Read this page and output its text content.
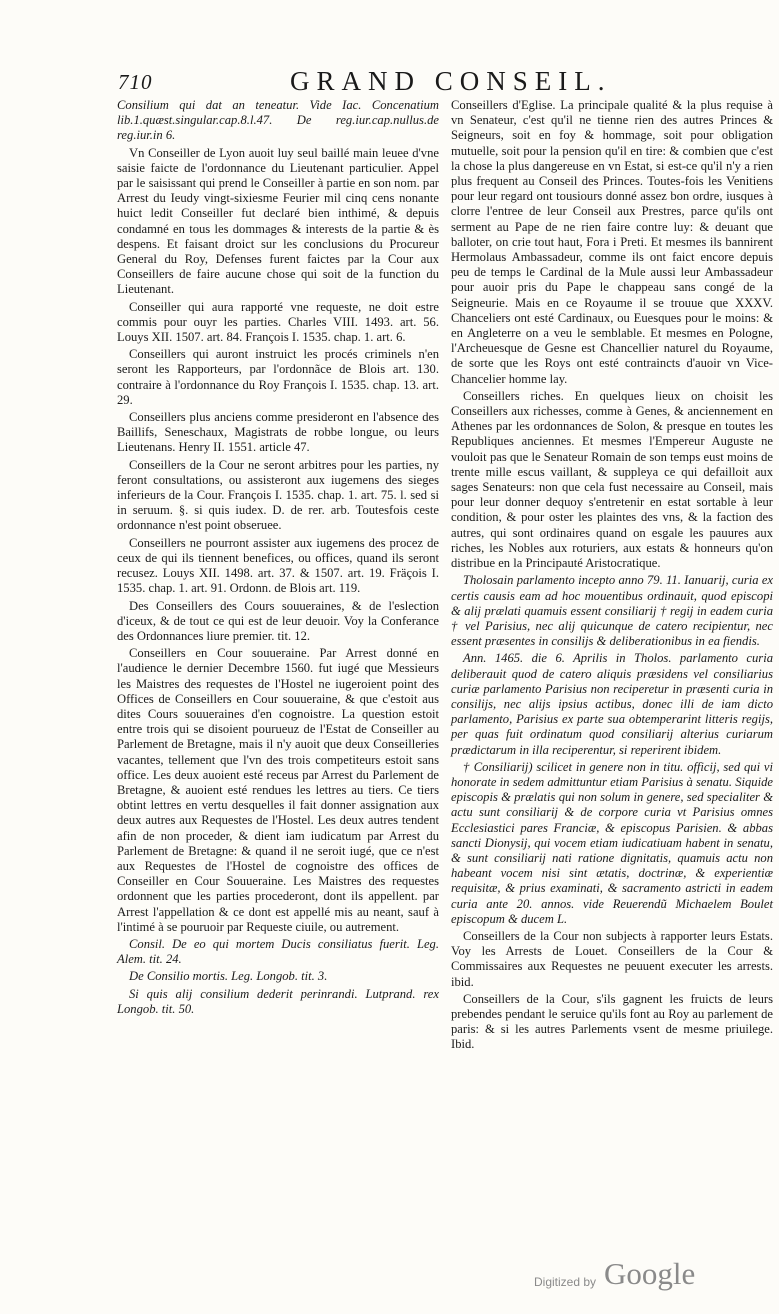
710	GRAND CONSEIL.

Consilium qui dat an teneatur. Vide Iac. Concenatium lib.1.quæst.singular.cap.8.l.47. De reg.iur.cap.nullus.de reg.iur.in 6.

Vn Conseiller de Lyon auoit luy seul baillé main leuee d'vne saisie faicte de l'ordonnance du Lieutenant particulier. Appel par le saisissant qui prend le Conseiller à partie en son nom. par Arrest du Ieudy vingt-sixiesme Feurier mil cinq cens nonante huict ledit Conseiller fut declaré bien inthimé, & depuis condamné en tous les dommages & interests de la partie & ès despens. Et faisant droict sur les conclusions du Procureur General du Roy, Defenses furent faictes par la Cour aux Conseillers de faire aucune chose qui soit de la function du Lieutenant.

Conseiller qui aura rapporté vne requeste, ne doit estre commis pour ouyr les parties. Charles VIII. 1493. art. 56. Louys XII. 1507. art. 84. François I. 1535. chap. 1. art. 6.

Conseillers qui auront instruict les procés criminels n'en seront les Rapporteurs, par l'ordonnãce de Blois art. 130. contraire à l'ordonnance du Roy François I. 1535. chap. 13. art. 29.

Conseillers plus anciens comme presideront en l'absence des Baillifs, Seneschaux, Magistrats de robbe longue, ou leurs Lieutenans. Henry II. 1551. article 47.

Conseillers de la Cour ne seront arbitres pour les parties, ny feront consultations, ou assisteront aux iugemens des sieges inferieurs de la Cour. François I. 1535. chap. 1. art. 75. l. sed si in seruum. §. si quis iudex. D. de rer. arb. Toutesfois ceste ordonnance n'est point obseruee.

Conseillers ne pourront assister aux iugemens des procez de ceux de qui ils tiennent benefices, ou offices, quand ils seront recusez. Louys XII. 1498. art. 37. & 1507. art. 19. Fräçois I. 1535. chap. 1. art. 91. Ordonn. de Blois art. 119.

Des Conseillers des Cours souueraines, & de l'eslection d'iceux, & de tout ce qui est de leur deuoir. Voy la Conferance des Ordonnances liure premier. tit. 12.

Conseillers en Cour souueraine. Par Arrest donné en l'audience le dernier Decembre 1560. fut iugé que Messieurs les Maistres des requestes de l'Hostel ne iugeroient point des Offices de Conseillers en Cour souueraine, & que c'estoit aus dites Cours souueraines d'en cognoistre. La question estoit entre trois qui se disoient pourueuz de l'Estat de Conseiller au Parlement de Bretagne, mais il n'y auoit que deux Conseilleries vacantes, tellement que l'vn des trois competiteurs estoit sans office. Les deux auoient esté receus par Arrest du Parlement de Bretagne, & auoient esté rendues les lettres au tiers. Ce tiers obtint lettres en vertu desquelles il fait donner assignation aux deux autres aux Requestes de l'Hostel. Les deux autres tendent afin de non proceder, & dient iam iudicatum par Arrest du Parlement de Bretagne: & quand il ne seroit iugé, que ce n'est aux Requestes de l'Hostel de cognoistre des offices de Conseiller en Cour Souueraine. Les Maistres des requestes ordonnent que les parties procederont, dont ils appellent. par Arrest l'appellation & ce dont est appellé mis au neant, sauf à l'intimé à se pouruoir par Requeste ciuile, ou autrement.

Consil. De eo qui mortem Ducis consiliatus fuerit. Leg. Alem. tit. 24.

De Consilio mortis. Leg. Longob. tit. 3.

Si quis alij consilium dederit perinrandi. Lutprand. rex Longob. tit. 50.

Conseillers d'Eglise. La principale qualité & la plus requise à vn Senateur, c'est qu'il ne tienne rien des autres Princes & Seigneurs, soit en foy & hommage, soit pour obligation mutuelle, soit pour la pension qu'il en tire: & combien que c'est la chose la plus dangereuse en vn Estat, si est-ce qu'il n'y a rien plus frequent au Conseil des Princes. Toutes-fois les Venitiens pour leur regard ont tousiours donné assez bon ordre, iusques à clorre l'entree de leur Conseil aux Prestres, parce qu'ils ont serment au Pape de ne rien faire contre luy: & deuant que balloter, on crie tout haut, Fora i Preti. Et mesmes ils bannirent Hermolaus Ambassadeur, comme ils ont faict encore depuis peu de temps le Cardinal de la Mule aussi leur Ambassadeur pour auoir pris du Pape le chappeau sans congé de la Seigneurie. Mais en ce Royaume il se trouue que XXXV. Chanceliers ont esté Cardinaux, ou Euesques pour le moins: & en Angleterre on a veu le semblable. Et mesmes en Pologne, l'Archeuesque de Gesne est Chancellier naturel du Royaume, de sorte que les Roys ont esté contraincts d'auoir vn Vice-Chancelier homme lay.

Conseillers riches. En quelques lieux on choisit les Conseillers aux richesses, comme à Genes, & anciennement en Athenes par les ordonnances de Solon, & presque en toutes les Republiques anciennes. Et mesmes l'Empereur Auguste ne vouloit pas que le Senateur Romain de son temps eust moins de trente mille escus vaillant, & suppleya ce qui defailloit aux sages Senateurs: non que cela fust necessaire au Conseil, mais pour leur donner dequoy s'entretenir en estat sortable à leur condition, & pour oster les plaintes des vns, & la faction des autres, qui sont ordinaires quand on esgale les pauures aux riches, les Nobles aux roturiers, aux estats & honneurs qu'on distribue en la Principauté Aristocratique.

Tholosain parlamento incepto anno 79. 11. Ianuarij, curia ex certis causis eam ad hoc mouentibus ordinauit, quod episcopi & alij prælati quamuis essent consiliarij † regij in eadem curia † vel Parisius, nec alij quicunque de catero recipientur, nec essent præsentes in consilijs & deliberationibus in ea fiendis.

Ann. 1465. die 6. Aprilis in Tholos. parlamento curia deliberauit quod de catero aliquis præsidens vel consiliarius curiæ parlamento Parisius non reciperetur in præsenti curia in consilijs, nec alijs ipsius actibus, donec illi de iam dicto parlamento, Parisius ex parte sua obtemperarint litteris regijs, per quas fuit ordinatum quod consiliarij alterius curiarum prædictarum in illa reciperentur, si reperirent ibidem.

† Consiliarij) scilicet in genere non in titu. officij, sed qui vi honorate in sedem admittuntur etiam Parisius à senatu. Siquide episcopis & prælatis qui non solum in genere, sed specialiter & actu sunt consiliarij & de corpore curia vt Parisius omnes Ecclesiastici pares Franciæ, & episcopus Parisien. & abbas sancti Dionysij, qui vocem etiam iudicatiuam habent in senatu, & sunt consiliarij nati ratione dignitatis, quamuis actu non habeant vocem nisi sint ætatis, doctrinæ, & experientiæ requisitæ, & prius examinati, & sacramento astricti in eadem curia ante 20. annos. vide Reuerendũ Michaelem Boulet episcopum & ducem L.

Conseillers de la Cour non subjects à rapporter leurs Estats. Voy les Arrests de Louet. Conseillers de la Cour & Commissaires aux Requestes ne peuuent executer les arrests. ibid.

Conseillers de la Cour, s'ils gagnent les fruicts de leurs prebendes pendant le seruice qu'ils font au Roy au parlement de paris: & si les autres Parlements vsent de mesme priuilege. Ibid.

Digitized by Google
